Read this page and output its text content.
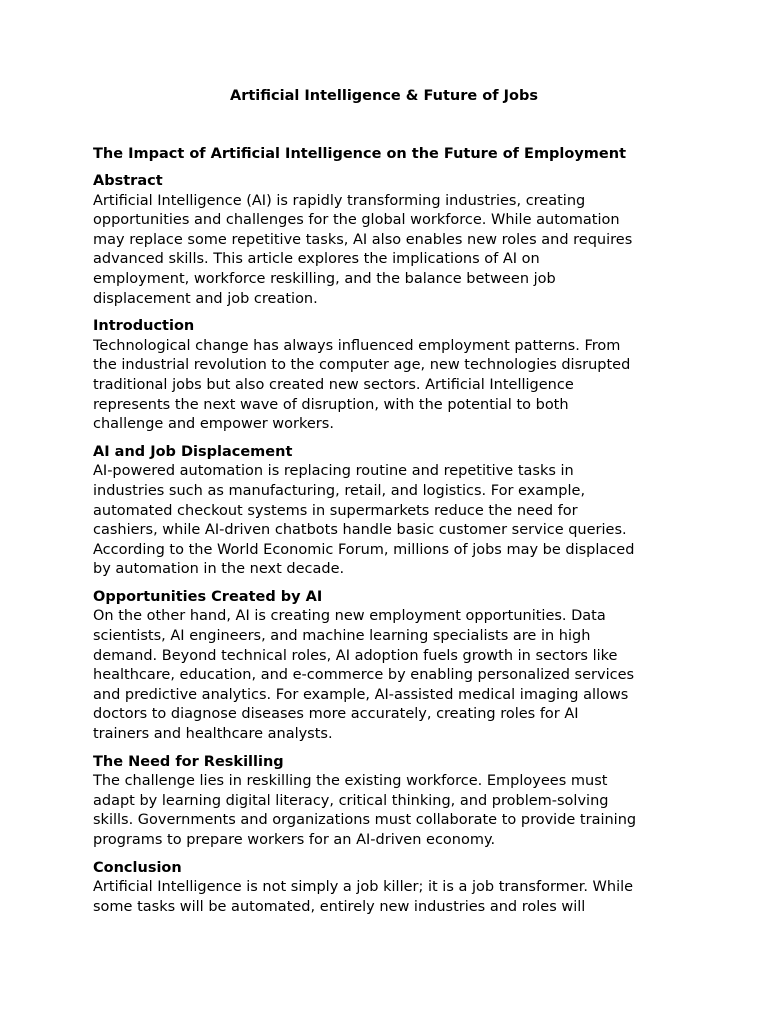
Artificial Intelligence & Future of Jobs
The Impact of Artificial Intelligence on the Future of Employment
Abstract

Artificial Intelligence (AI) is rapidly transforming industries, creating
opportunities and challenges for the global workforce. While automation
may replace some repetitive tasks, AI also enables new roles and requires
advanced skills. This article explores the implications of AI on
employment, workforce reskilling, and the balance between job
displacement and job creation.

Introduction

Technological change has always influenced employment patterns. From
the industrial revolution to the computer age, new technologies disrupted
traditional jobs but also created new sectors. Artificial Intelligence
represents the next wave of disruption, with the potential to both
challenge and empower workers.

AI and Job Displacement

AI-powered automation is replacing routine and repetitive tasks in
industries such as manufacturing, retail, and logistics. For example,
automated checkout systems in supermarkets reduce the need for
cashiers, while AI-driven chatbots handle basic customer service queries.
According to the World Economic Forum, millions of jobs may be displaced
by automation in the next decade.

Opportunities Created by AI

On the other hand, AI is creating new employment opportunities. Data
scientists, AI engineers, and machine learning specialists are in high
demand. Beyond technical roles, AI adoption fuels growth in sectors like
healthcare, education, and e-commerce by enabling personalized services
and predictive analytics. For example, AI-assisted medical imaging allows
doctors to diagnose diseases more accurately, creating roles for AI
trainers and healthcare analysts.

The Need for Reskilling

The challenge lies in reskilling the existing workforce. Employees must
adapt by learning digital literacy, critical thinking, and problem-solving
skills. Governments and organizations must collaborate to provide training
programs to prepare workers for an AI-driven economy.

Conclusion

Artificial Intelligence is not simply a job killer; it is a job transformer. While
some tasks will be automated, entirely new industries and roles will
